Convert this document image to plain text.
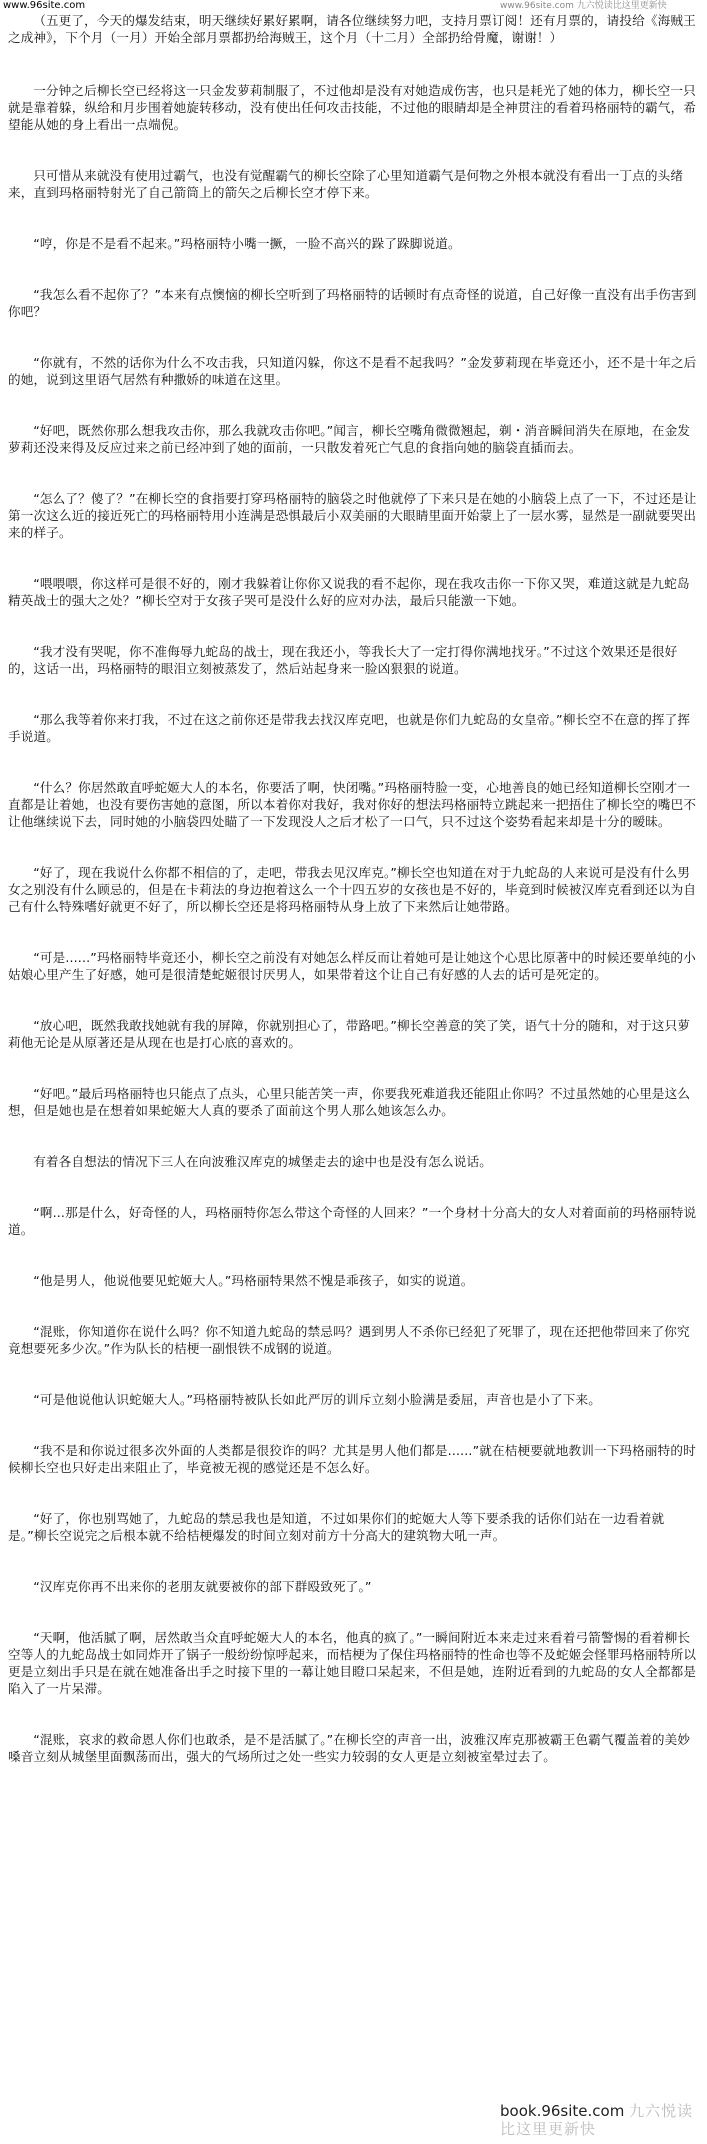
www.96site.com	www.96site.com 九六悦读比这里更新快

（五更了，今天的爆发结束，明天继续好累好累啊，请各位继续努力吧，支持月票订阅！还有月票的，请投给《海贼王之成神》，下个月（一月）开始全部月票都扔给海贼王，这个月（十二月）全部扔给骨魔，谢谢！）

一分钟之后柳长空已经将这一只金发萝莉制服了，不过他却是没有对她造成伤害，也只是耗光了她的体力，柳长空一只就是靠着躲，纵给和月步围着她旋转移动，没有使出任何攻击技能，不过他的眼睛却是全神贯注的看着玛格丽特的霸气，希望能从她的身上看出一点端倪。

只可惜从来就没有使用过霸气，也没有觉醒霸气的柳长空除了心里知道霸气是何物之外根本就没有看出一丁点的头绪来，直到玛格丽特射光了自己箭筒上的箭矢之后柳长空才停下来。

“哼，你是不是看不起来。”玛格丽特小嘴一撅，一脸不高兴的跺了跺脚说道。

“我怎么看不起你了？”本来有点懊恼的柳长空听到了玛格丽特的话顿时有点奇怪的说道，自己好像一直没有出手伤害到你吧？

“你就有，不然的话你为什么不攻击我，只知道闪躲，你这不是看不起我吗？”金发萝莉现在毕竟还小，还不是十年之后的她，说到这里语气居然有种撒娇的味道在这里。

“好吧，既然你那么想我攻击你，那么我就攻击你吧。”闻言，柳长空嘴角微微翘起，剃・消音瞬间消失在原地，在金发萝莉还没来得及反应过来之前已经冲到了她的面前，一只散发着死亡气息的食指向她的脑袋直插而去。

“怎么了？傻了？”在柳长空的食指要打穿玛格丽特的脑袋之时他就停了下来只是在她的小脑袋上点了一下，不过还是让第一次这么近的接近死亡的玛格丽特用小连满是恐惧最后小双美丽的大眼睛里面开始蒙上了一层水雾，显然是一副就要哭出来的样子。

“喂喂喂，你这样可是很不好的，刚才我躲着让你你又说我的看不起你，现在我攻击你一下你又哭，难道这就是九蛇岛精英战士的强大之处？”柳长空对于女孩子哭可是没什么好的应对办法，最后只能激一下她。

“我才没有哭呢，你不准侮辱九蛇岛的战士，现在我还小，等我长大了一定打得你满地找牙。”不过这个效果还是很好的，这话一出，玛格丽特的眼泪立刻被蒸发了，然后站起身来一脸凶狠狠的说道。

“那么我等着你来打我，不过在这之前你还是带我去找汉库克吧，也就是你们九蛇岛的女皇帝。”柳长空不在意的挥了挥手说道。

“什么？你居然敢直呼蛇姬大人的本名，你要活了啊，快闭嘴。”玛格丽特脸一变，心地善良的她已经知道柳长空刚才一直都是让着她，也没有要伤害她的意图，所以本着你对我好，我对你好的想法玛格丽特立跳起来一把捂住了柳长空的嘴巴不让他继续说下去，同时她的小脑袋四处瞄了一下发现没人之后才松了一口气，只不过这个姿势看起来却是十分的暧昧。

“好了，现在我说什么你都不相信的了，走吧，带我去见汉库克。”柳长空也知道在对于九蛇岛的人来说可是没有什么男女之别没有什么顾忌的，但是在卡莉法的身边抱着这么一个十四五岁的女孩也是不好的，毕竟到时候被汉库克看到还以为自己有什么特殊嗜好就更不好了，所以柳长空还是将玛格丽特从身上放了下来然后让她带路。

“可是......”玛格丽特毕竟还小，柳长空之前没有对她怎么样反而让着她可是让她这个心思比原著中的时候还要单纯的小姑娘心里产生了好感，她可是很清楚蛇姬很讨厌男人，如果带着这个让自己有好感的人去的话可是死定的。

“放心吧，既然我敢找她就有我的屏障，你就别担心了，带路吧。”柳长空善意的笑了笑，语气十分的随和，对于这只萝莉他无论是从原著还是从现在也是打心底的喜欢的。

“好吧。”最后玛格丽特也只能点了点头，心里只能苦笑一声，你要我死难道我还能阻止你吗？不过虽然她的心里是这么想，但是她也是在想着如果蛇姬大人真的要杀了面前这个男人那么她该怎么办。

有着各自想法的情况下三人在向波雅汉库克的城堡走去的途中也是没有怎么说话。

“啊...那是什么，好奇怪的人，玛格丽特你怎么带这个奇怪的人回来？”一个身材十分高大的女人对着面前的玛格丽特说道。

“他是男人，他说他要见蛇姬大人。”玛格丽特果然不愧是乖孩子，如实的说道。

“混账，你知道你在说什么吗？你不知道九蛇岛的禁忌吗？遇到男人不杀你已经犯了死罪了，现在还把他带回来了你究竟想要死多少次。”作为队长的桔梗一副恨铁不成钢的说道。

“可是他说他认识蛇姬大人。”玛格丽特被队长如此严厉的训斥立刻小脸满是委屈，声音也是小了下来。

“我不是和你说过很多次外面的人类都是很狡诈的吗？尤其是男人他们都是......”就在桔梗要就地教训一下玛格丽特的时候柳长空也只好走出来阻止了，毕竟被无视的感觉还是不怎么好。

“好了，你也别骂她了，九蛇岛的禁忌我也是知道，不过如果你们的蛇姬大人等下要杀我的话你们站在一边看着就是。”柳长空说完之后根本就不给桔梗爆发的时间立刻对前方十分高大的建筑物大吼一声。

“汉库克你再不出来你的老朋友就要被你的部下群殴致死了。”

“天啊，他活腻了啊，居然敢当众直呼蛇姬大人的本名，他真的疯了。”一瞬间附近本来走过来看着弓箭警惕的看着柳长空等人的九蛇岛战士如同炸开了锅子一般纷纷惊呼起来，而桔梗为了保住玛格丽特的性命也等不及蛇姬会怪罪玛格丽特所以更是立刻出手只是在就在她准备出手之时接下里的一幕让她目瞪口呆起来，不但是她，连附近看到的九蛇岛的女人全都都是陷入了一片呆滞。

“混账，哀求的救命恩人你们也敢杀，是不是活腻了。”在柳长空的声音一出，波雅汉库克那被霸王色霸气覆盖着的美妙嗓音立刻从城堡里面飘荡而出，强大的气场所过之处一些实力较弱的女人更是立刻被室晕过去了。

book.96site.com 九六悦读比这里更新快
